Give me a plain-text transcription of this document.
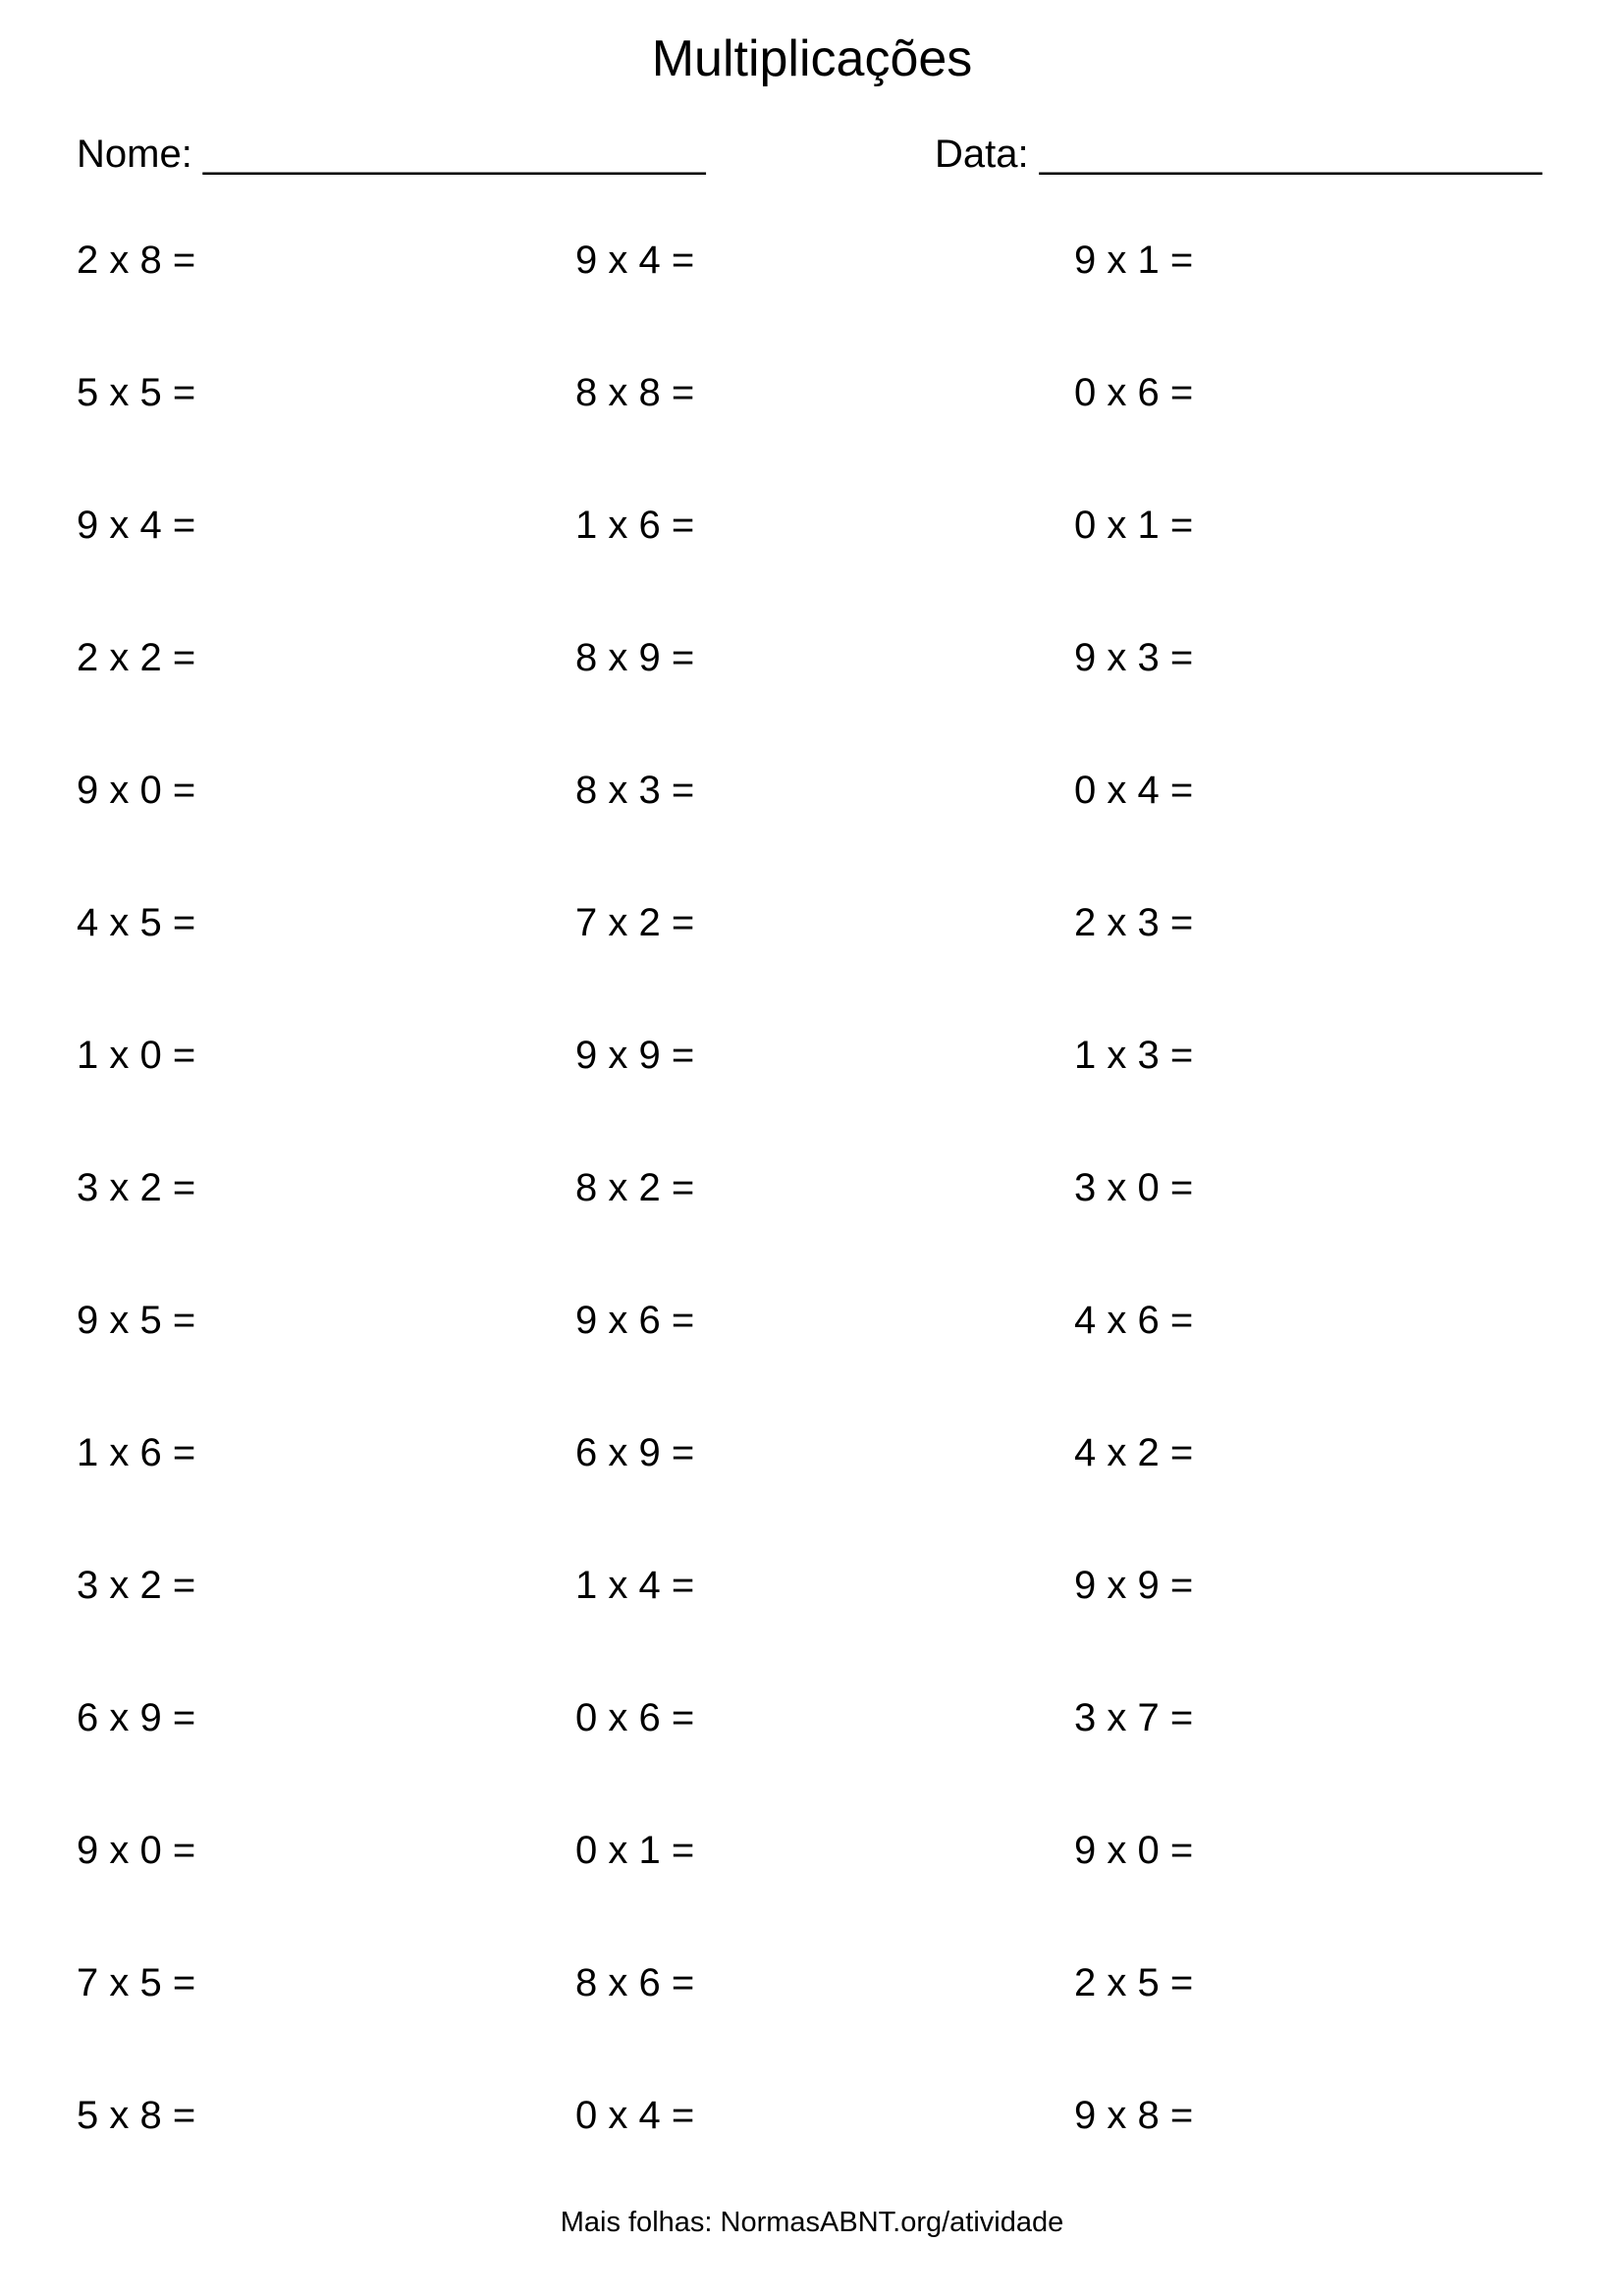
Multiplicações
Nome: _______________________	Data: _______________________
2 x 8 =	9 x 4 =	9 x 1 =
5 x 5 =	8 x 8 =	0 x 6 =
9 x 4 =	1 x 6 =	0 x 1 =
2 x 2 =	8 x 9 =	9 x 3 =
9 x 0 =	8 x 3 =	0 x 4 =
4 x 5 =	7 x 2 =	2 x 3 =
1 x 0 =	9 x 9 =	1 x 3 =
3 x 2 =	8 x 2 =	3 x 0 =
9 x 5 =	9 x 6 =	4 x 6 =
1 x 6 =	6 x 9 =	4 x 2 =
3 x 2 =	1 x 4 =	9 x 9 =
6 x 9 =	0 x 6 =	3 x 7 =
9 x 0 =	0 x 1 =	9 x 0 =
7 x 5 =	8 x 6 =	2 x 5 =
5 x 8 =	0 x 4 =	9 x 8 =
Mais folhas: NormasABNT.org/atividade
